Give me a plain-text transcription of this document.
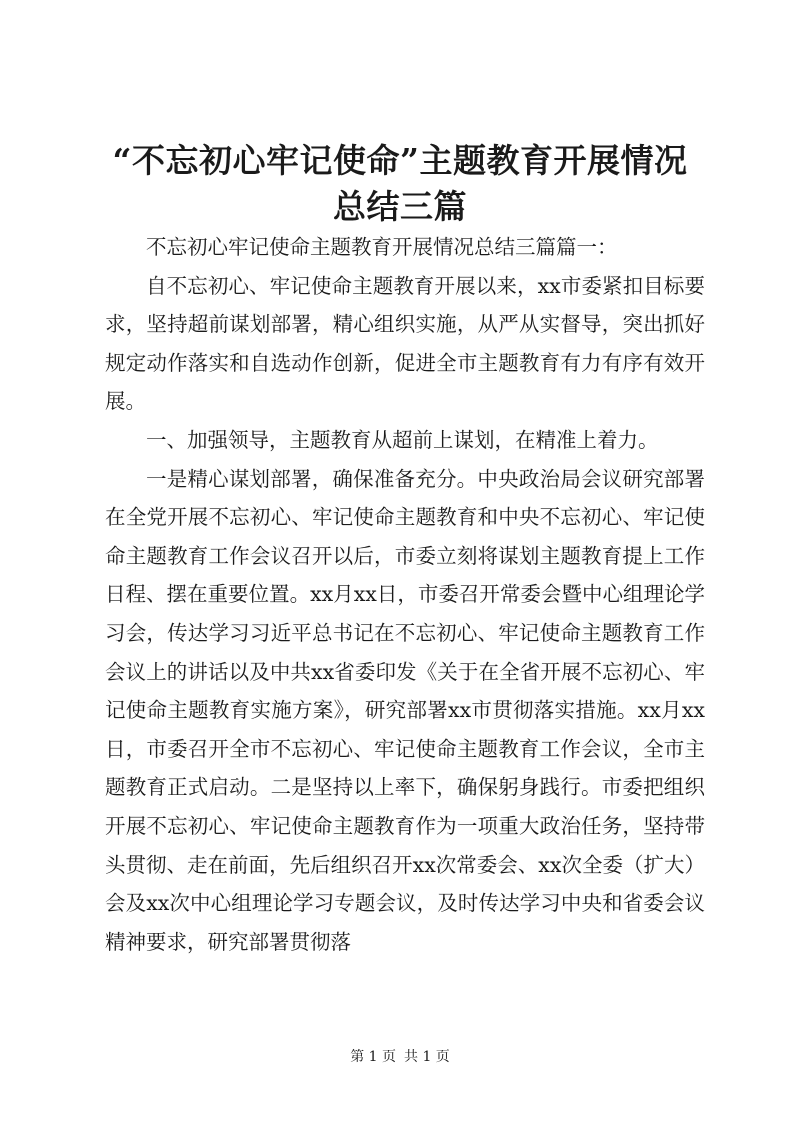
“不忘初心牢记使命”主题教育开展情况总结三篇

不忘初心牢记使命主题教育开展情况总结三篇篇一：

自不忘初心、牢记使命主题教育开展以来，xx市委紧扣目标要求，坚持超前谋划部署，精心组织实施，从严从实督导，突出抓好规定动作落实和自选动作创新，促进全市主题教育有力有序有效开展。

一、加强领导，主题教育从超前上谋划，在精准上着力。

一是精心谋划部署，确保准备充分。中央政治局会议研究部署在全党开展不忘初心、牢记使命主题教育和中央不忘初心、牢记使命主题教育工作会议召开以后，市委立刻将谋划主题教育提上工作日程、摆在重要位置。xx月xx日，市委召开常委会暨中心组理论学习会，传达学习习近平总书记在不忘初心、牢记使命主题教育工作会议上的讲话以及中共xx省委印发《关于在全省开展不忘初心、牢记使命主题教育实施方案》，研究部署xx市贯彻落实措施。xx月xx日，市委召开全市不忘初心、牢记使命主题教育工作会议，全市主题教育正式启动。二是坚持以上率下，确保躬身践行。市委把组织开展不忘初心、牢记使命主题教育作为一项重大政治任务，坚持带头贯彻、走在前面，先后组织召开xx次常委会、xx次全委（扩大）会及xx次中心组理论学习专题会议，及时传达学习中央和省委会议精神要求，研究部署贯彻落

第 1 页 共 1 页
